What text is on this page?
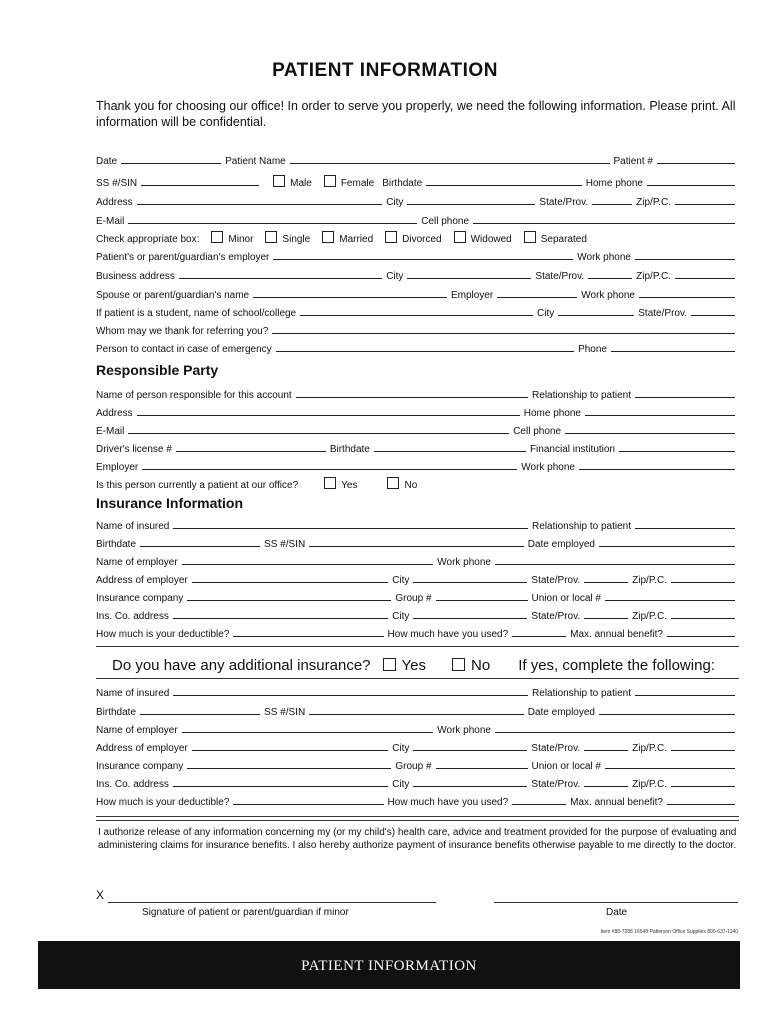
PATIENT INFORMATION
Thank you for choosing our office! In order to serve you properly, we need the following information. Please print. All information will be confidential.
Date	Patient Name	Patient #
SS #/SIN	Male	Female Birthdate	Home phone
Address	City	State/Prov.	Zip/P.C.
E-Mail	Cell phone
Check appropriate box:	Minor	Single	Married	Divorced	Widowed	Separated
Patient's or parent/guardian's employer	Work phone
Business address	City	State/Prov.	Zip/P.C.
Spouse or parent/guardian's name	Employer	Work phone
If patient is a student, name of school/college	City	State/Prov.
Whom may we thank for referring you?
Person to contact in case of emergency	Phone
Responsible Party
Name of person responsible for this account	Relationship to patient
Address	Home phone
E-Mail	Cell phone
Driver's license #	Birthdate	Financial institution
Employer	Work phone
Is this person currently a patient at our office?	Yes	No
Insurance Information
Name of insured	Relationship to patient
Birthdate	SS #/SIN	Date employed
Name of employer	Work phone
Address of employer	City	State/Prov.	Zip/P.C.
Insurance company	Group #	Union or local #
Ins. Co. address	City	State/Prov.	Zip/P.C.
How much is your deductible?	How much have you used?	Max. annual benefit?
Do you have any additional insurance? Yes	No If yes, complete the following:
Name of insured	Relationship to patient
Birthdate	SS #/SIN	Date employed
Name of employer	Work phone
Address of employer	City	State/Prov.	Zip/P.C.
Insurance company	Group #	Union or local #
Ins. Co. address	City	State/Prov.	Zip/P.C.
How much is your deductible?	How much have you used?	Max. annual benefit?
I authorize release of any information concerning my (or my child's) health care, advice and treatment provided for the purpose of evaluating and administering claims for insurance benefits. I also hereby authorize payment of insurance benefits otherwise payable to me directly to the doctor.
X
Signature of patient or parent/guardian if minor	Date
Item #88-7288 16548 Patterson Office Supplies 800-637-1140
PATIENT INFORMATION
